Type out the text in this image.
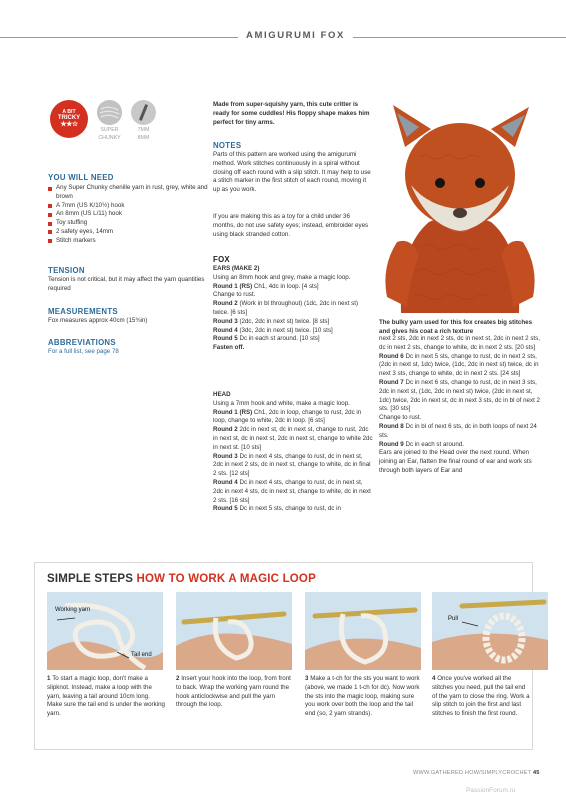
AMIGURUMI FOX
A BIT
TRICKY
★★☆
SUPER
CHUNKY
7MM
8MM
YOU WILL NEED
Any Super Chunky chenille yarn in rust, grey, white and brown
A 7mm (US K/10½) hook
An 8mm (US L/11) hook
Toy stuffing
2 safety eyes, 14mm
Stitch markers
TENSION
Tension is not critical, but it may affect the yarn quantities required
MEASUREMENTS
Fox measures approx 40cm (15¾in)
ABBREVIATIONS
For a full list, see page 78
Made from super-squishy yarn, this cute critter is ready for some cuddles! His floppy shape makes him perfect for tiny arms.
NOTES
Parts of this pattern are worked using the amigurumi method. Work stitches continuously in a spiral without closing off each round with a slip stitch. It may help to use a stitch marker in the first stitch of each round, moving it up as you work.
If you are making this as a toy for a child under 36 months, do not use safety eyes; instead, embroider eyes using black stranded cotton.
FOX
EARS (MAKE 2)
Using an 8mm hook and grey, make a magic loop.
Round 1 (RS) Ch1, 4dc in loop. [4 sts]
Change to rust.
Round 2 (Work in bl throughout) (1dc, 2dc in next st) twice. [6 sts]
Round 3 (2dc, 2dc in next st) twice. [8 sts]
Round 4 (3dc, 2dc in next st) twice. [10 sts]
Round 5 Dc in each st around. [10 sts]
Fasten off.
HEAD
Using a 7mm hook and white, make a magic loop.
Round 1 (RS) Ch1, 2dc in loop, change to rust, 2dc in loop, change to white, 2dc in loop. [6 sts]
Round 2 2dc in next st, dc in next st, change to rust, 2dc in next st, dc in next st, 2dc in next st, change to white 2dc in next st. [10 sts]
Round 3 Dc in next 4 sts, change to rust, dc in next st, 2dc in next 2 sts, dc in next st, change to white, dc in final 2 sts. [12 sts]
Round 4 Dc in next 4 sts, change to rust, dc in next st, 2dc in next 4 sts, dc in next st, change to white, dc in next 2 sts. [16 sts]
Round 5 Dc in next 5 sts, change to rust, dc in
The bulky yarn used for this fox creates big stitches and gives his coat a rich texture
next 2 sts, 2dc in next 2 sts, dc in next st, 2dc in next 2 sts, dc in next 2 sts, change to white, dc in next 2 sts. [20 sts]
Round 6 Dc in next 5 sts, change to rust, dc in next 2 sts, (2dc in next st, 1dc) twice, (1dc, 2dc in next st) twice, dc in next 3 sts, change to white, dc in next 2 sts. [24 sts]
Round 7 Dc in next 6 sts, change to rust, dc in next 3 sts, 2dc in next st, (1dc, 2dc in next st) twice, (2dc in next st, 1dc) twice, 2dc in next st, dc in next 3 sts, dc in bl of next 2 sts. [30 sts]
Change to rust.
Round 8 Dc in bl of next 6 sts, dc in both loops of next 24 sts.
Round 9 Dc in each st around.
Ears are joined to the Head over the next round. When joining an Ear, flatten the final round of ear and work sts through both layers of Ear and
SIMPLE STEPS HOW TO WORK A MAGIC LOOP
Working yarn
Tail end
Pull
1 To start a magic loop, don't make a slipknot. Instead, make a loop with the yarn, leaving a tail around 10cm long. Make sure the tail end is under the working yarn.
2 Insert your hook into the loop, from front to back. Wrap the working yarn round the hook anticlockwise and pull the yarn through the loop.
3 Make a t-ch for the sts you want to work (above, we made 1 t-ch for dc). Now work the sts into the magic loop, making sure you work over both the loop and the tail end (so, 2 yarn strands).
4 Once you've worked all the stitches you need, pull the tail end of the yarn to close the ring. Work a slip stitch to join the first and last stitches to finish the first round.
WWW.GATHERED.HOW/SIMPLYCROCHET 45
PassionForum.ru
